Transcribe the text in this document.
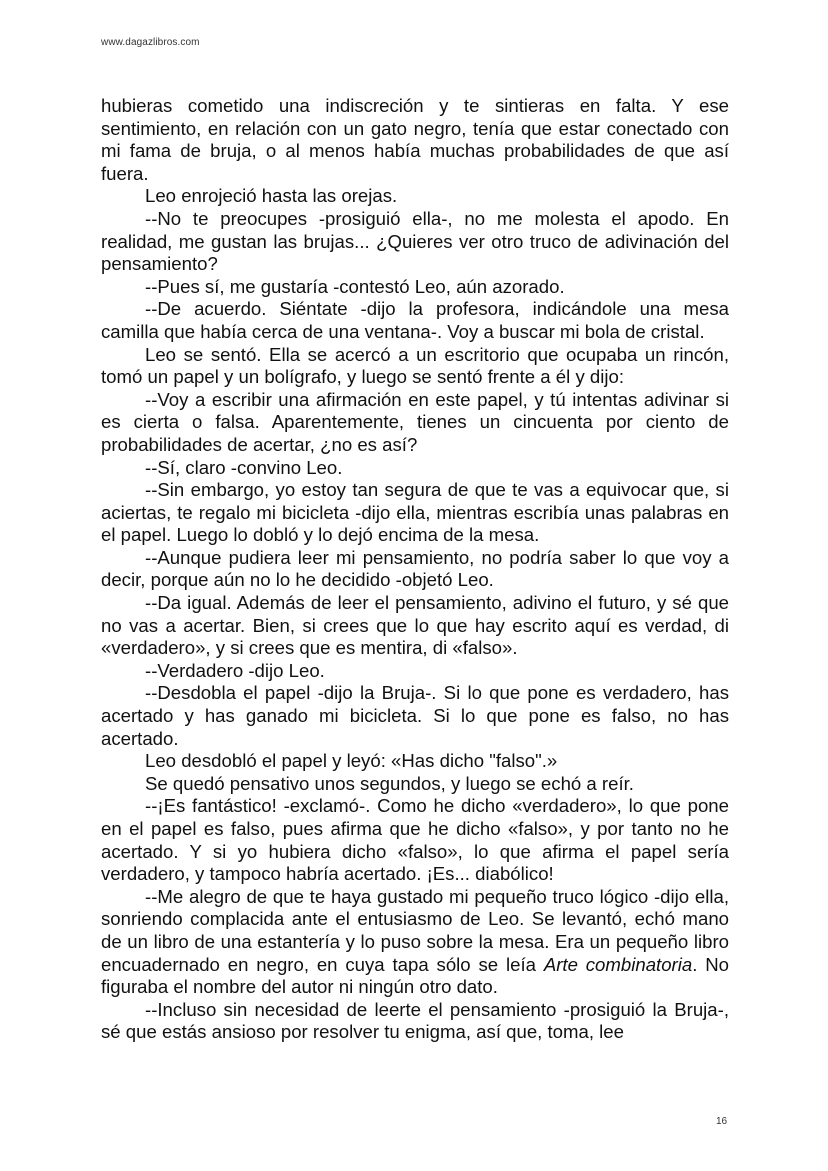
www.dagazlibros.com

hubieras cometido una indiscreción y te sintieras en falta. Y ese sentimiento, en relación con un gato negro, tenía que estar conectado con mi fama de bruja, o al menos había muchas probabilidades de que así fuera.

Leo enrojeció hasta las orejas.

--No te preocupes -prosiguió ella-, no me molesta el apodo. En realidad, me gustan las brujas... ¿Quieres ver otro truco de adivinación del pensamiento?

--Pues sí, me gustaría -contestó Leo, aún azorado.

--De acuerdo. Siéntate -dijo la profesora, indicándole una mesa camilla que había cerca de una ventana-. Voy a buscar mi bola de cristal.

Leo se sentó. Ella se acercó a un escritorio que ocupaba un rincón, tomó un papel y un bolígrafo, y luego se sentó frente a él y dijo:

--Voy a escribir una afirmación en este papel, y tú intentas adivinar si es cierta o falsa. Aparentemente, tienes un cincuenta por ciento de probabilidades de acertar, ¿no es así?

--Sí, claro -convino Leo.

--Sin embargo, yo estoy tan segura de que te vas a equivocar que, si aciertas, te regalo mi bicicleta -dijo ella, mientras escribía unas palabras en el papel. Luego lo dobló y lo dejó encima de la mesa.

--Aunque pudiera leer mi pensamiento, no podría saber lo que voy a decir, porque aún no lo he decidido -objetó Leo.

--Da igual. Además de leer el pensamiento, adivino el futuro, y sé que no vas a acertar. Bien, si crees que lo que hay escrito aquí es verdad, di «verdadero», y si crees que es mentira, di «falso».

--Verdadero -dijo Leo.

--Desdobla el papel -dijo la Bruja-. Si lo que pone es verdadero, has acertado y has ganado mi bicicleta. Si lo que pone es falso, no has acertado.

Leo desdobló el papel y leyó: «Has dicho "falso".»

Se quedó pensativo unos segundos, y luego se echó a reír.

--¡Es fantástico! -exclamó-. Como he dicho «verdadero», lo que pone en el papel es falso, pues afirma que he dicho «falso», y por tanto no he acertado. Y si yo hubiera dicho «falso», lo que afirma el papel sería verdadero, y tampoco habría acertado. ¡Es... diabólico!

--Me alegro de que te haya gustado mi pequeño truco lógico -dijo ella, sonriendo complacida ante el entusiasmo de Leo. Se levantó, echó mano de un libro de una estantería y lo puso sobre la mesa. Era un pequeño libro encuadernado en negro, en cuya tapa sólo se leía Arte combinatoria. No figuraba el nombre del autor ni ningún otro dato.

--Incluso sin necesidad de leerte el pensamiento -prosiguió la Bruja-, sé que estás ansioso por resolver tu enigma, así que, toma, lee

16
